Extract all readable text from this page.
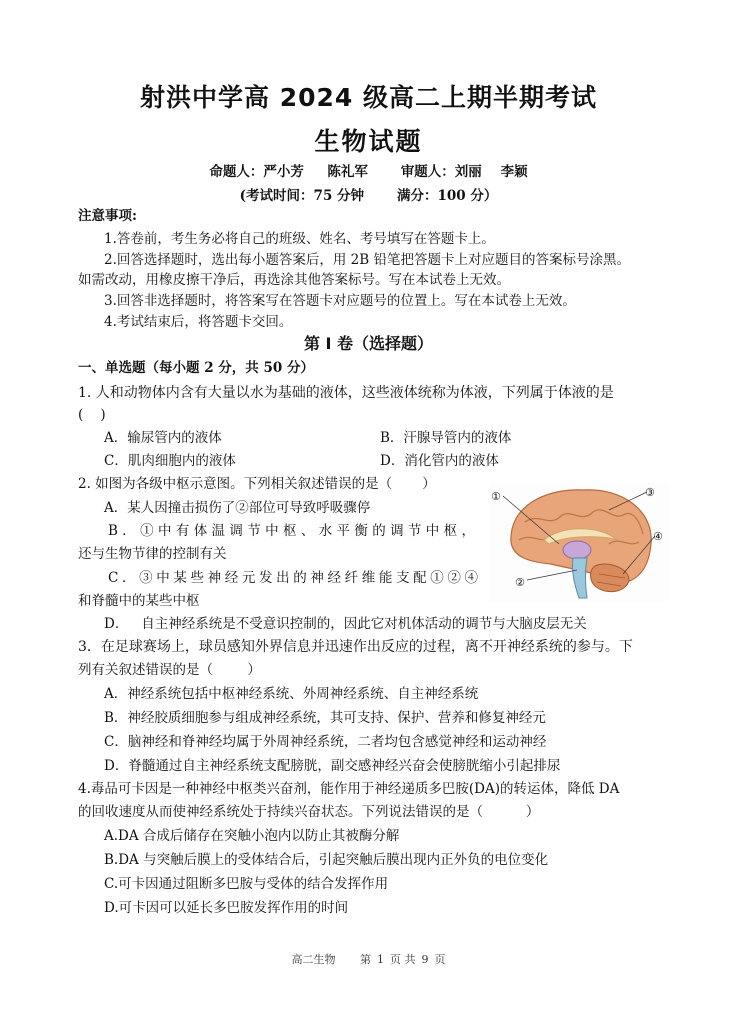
射洪中学高 2024 级高二上期半期考试
生物试题
命题人：严小芳     陈礼军       审题人：刘丽    李颖
(考试时间：75 分钟       满分：100 分）
注意事项:
1.答卷前，考生务必将自己的班级、姓名、考号填写在答题卡上。
2.回答选择题时，选出每小题答案后，用 2B 铅笔把答题卡上对应题目的答案标号涂黑。
如需改动，用橡皮擦干净后，再选涂其他答案标号。写在本试卷上无效。
3.回答非选择题时，将答案写在答题卡对应题号的位置上。写在本试卷上无效。
4.考试结束后，将答题卡交回。
第 I 卷（选择题）
一、单选题（每小题 2 分，共 50 分）
1. 人和动物体内含有大量以水为基础的液体，这些液体统称为体液，下列属于体液的是
(    )
A．输尿管内的液体	B．汗腺导管内的液体
C．肌肉细胞内的液体	D．消化管内的液体
2. 如图为各级中枢示意图。下列相关叙述错误的是（       ）
A．某人因撞击损伤了②部位可导致呼吸骤停
B．①中有体温调节中枢、水平衡的调节中枢，
还与生物节律的控制有关
C．③中某些神经元发出的神经纤维能支配①②④
和脊髓中的某些中枢
D．   自主神经系统是不受意识控制的，因此它对机体活动的调节与大脑皮层无关
①
②
③
④
3．在足球赛场上，球员感知外界信息并迅速作出反应的过程，离不开神经系统的参与。下
列有关叙述错误的是（        ）
A．神经系统包括中枢神经系统、外周神经系统、自主神经系统
B．神经胶质细胞参与组成神经系统，其可支持、保护、营养和修复神经元
C．脑神经和脊神经均属于外周神经系统，二者均包含感觉神经和运动神经
D．脊髓通过自主神经系统支配膀胱，副交感神经兴奋会使膀胱缩小引起排尿
4.毒品可卡因是一种神经中枢类兴奋剂，能作用于神经递质多巴胺(DA)的转运体，降低 DA
的回收速度从而使神经系统处于持续兴奋状态。下列说法错误的是（          ）
A.DA 合成后储存在突触小泡内以防止其被酶分解
B.DA 与突触后膜上的受体结合后，引起突触后膜出现内正外负的电位变化
C.可卡因通过阻断多巴胺与受体的结合发挥作用
D.可卡因可以延长多巴胺发挥作用的时间
高二生物 第 1 页 共 9 页
